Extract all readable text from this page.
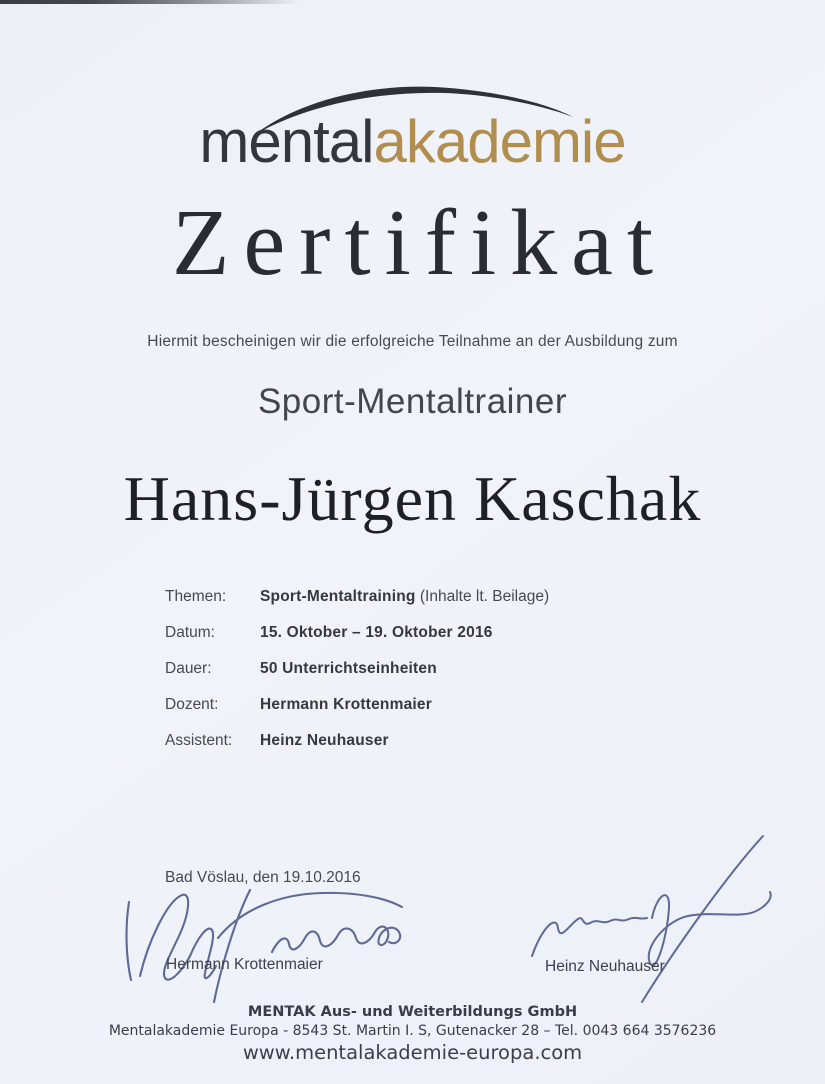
mentalakademie
Zertifikat
Hiermit bescheinigen wir die erfolgreiche Teilnahme an der Ausbildung zum
Sport-Mentaltrainer
Hans-Jürgen Kaschak
Themen:	Sport-Mentaltraining (Inhalte lt. Beilage)
Datum:	15. Oktober – 19. Oktober 2016
Dauer:	50 Unterrichtseinheiten
Dozent:	Hermann Krottenmaier
Assistent:	Heinz Neuhauser
Bad Vöslau, den 19.10.2016
Hermann Krottenmaier	Heinz Neuhauser
MENTAK Aus- und Weiterbildungs GmbH
Mentalakademie Europa - 8543 St. Martin I. S, Gutenacker 28 – Tel. 0043 664 3576236
www.mentalakademie-europa.com
